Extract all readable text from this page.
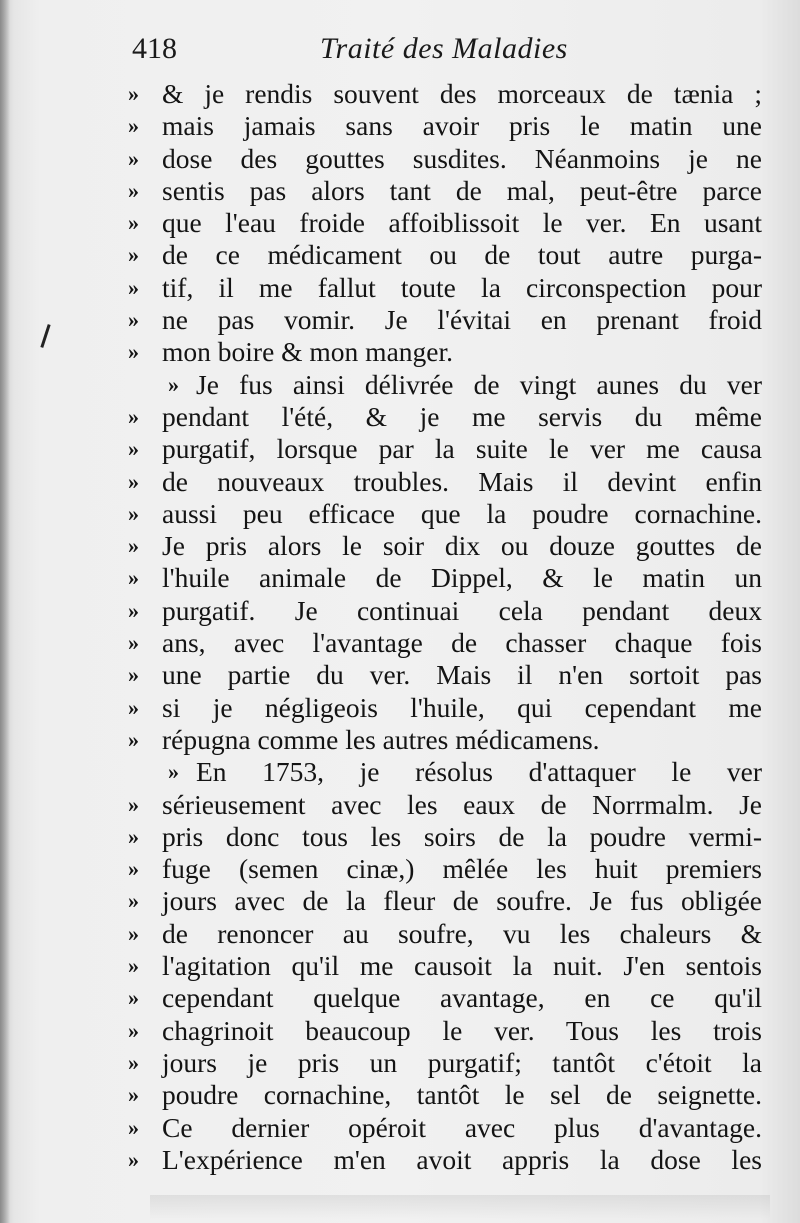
418	Traité des Maladies
» & je rendis souvent des morceaux de tænia ;
» mais jamais sans avoir pris le matin une
» dose des gouttes susdites. Néanmoins je ne
» sentis pas alors tant de mal, peut-être parce
» que l'eau froide affoiblissoit le ver. En usant
» de ce médicament ou de tout autre purga-
» tif, il me fallut toute la circonspection pour
» ne pas vomir. Je l'évitai en prenant froid
» mon boire & mon manger.
» Je fus ainsi délivrée de vingt aunes du ver
» pendant l'été, & je me servis du même
» purgatif, lorsque par la suite le ver me causa
» de nouveaux troubles. Mais il devint enfin
» aussi peu efficace que la poudre cornachine.
» Je pris alors le soir dix ou douze gouttes de
» l'huile animale de Dippel, & le matin un
» purgatif. Je continuai cela pendant deux
» ans, avec l'avantage de chasser chaque fois
» une partie du ver. Mais il n'en sortoit pas
» si je négligeois l'huile, qui cependant me
» répugna comme les autres médicamens.
» En 1753, je résolus d'attaquer le ver
» sérieusement avec les eaux de Norrmalm. Je
» pris donc tous les soirs de la poudre vermi-
» fuge (semen cinæ,) mêlée les huit premiers
» jours avec de la fleur de soufre. Je fus obligée
» de renoncer au soufre, vu les chaleurs &
» l'agitation qu'il me causoit la nuit. J'en sentois
» cependant quelque avantage, en ce qu'il
» chagrinoit beaucoup le ver. Tous les trois
» jours je pris un purgatif; tantôt c'étoit la
» poudre cornachine, tantôt le sel de seignette.
» Ce dernier opéroit avec plus d'avantage.
» L'expérience m'en avoit appris la dose les
